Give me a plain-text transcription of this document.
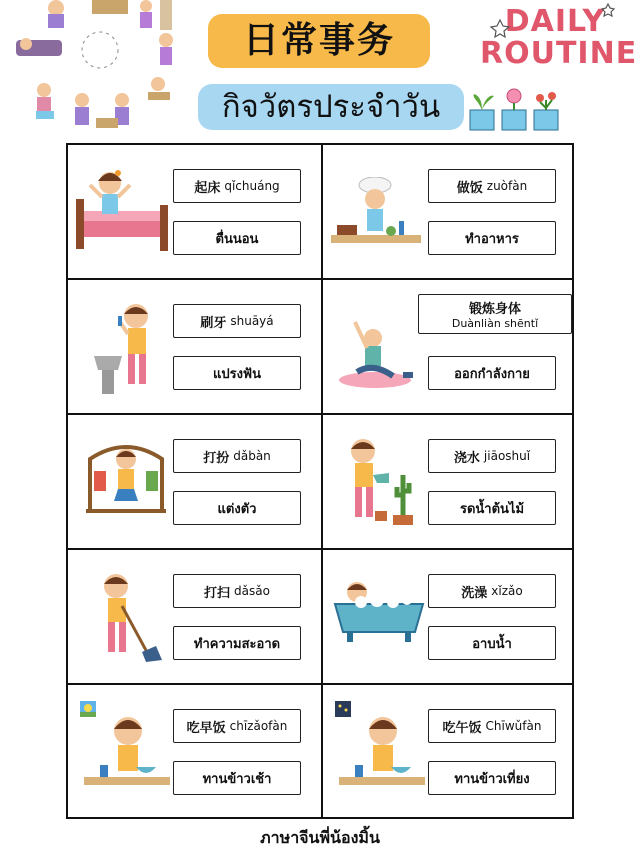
日常事务
กิจวัตรประจำวัน
DAILY
ROUTINE
起床 qǐchuáng
ตื่นนอน
做饭 zuòfàn
ทำอาหาร
刷牙 shuāyá
แปรงฟัน
锻炼身体
Duànliàn shēntǐ
ออกกำลังกาย
打扮 dǎbàn
แต่งตัว
浇水 jiāoshuǐ
รดน้ำต้นไม้
打扫 dǎsǎo
ทำความสะอาด
洗澡 xǐzǎo
อาบน้ำ
吃早饭 chīzǎofàn
ทานข้าวเช้า
吃午饭 Chīwǔfàn
ทานข้าวเที่ยง
ภาษาจีนพี่น้องมิ้น
